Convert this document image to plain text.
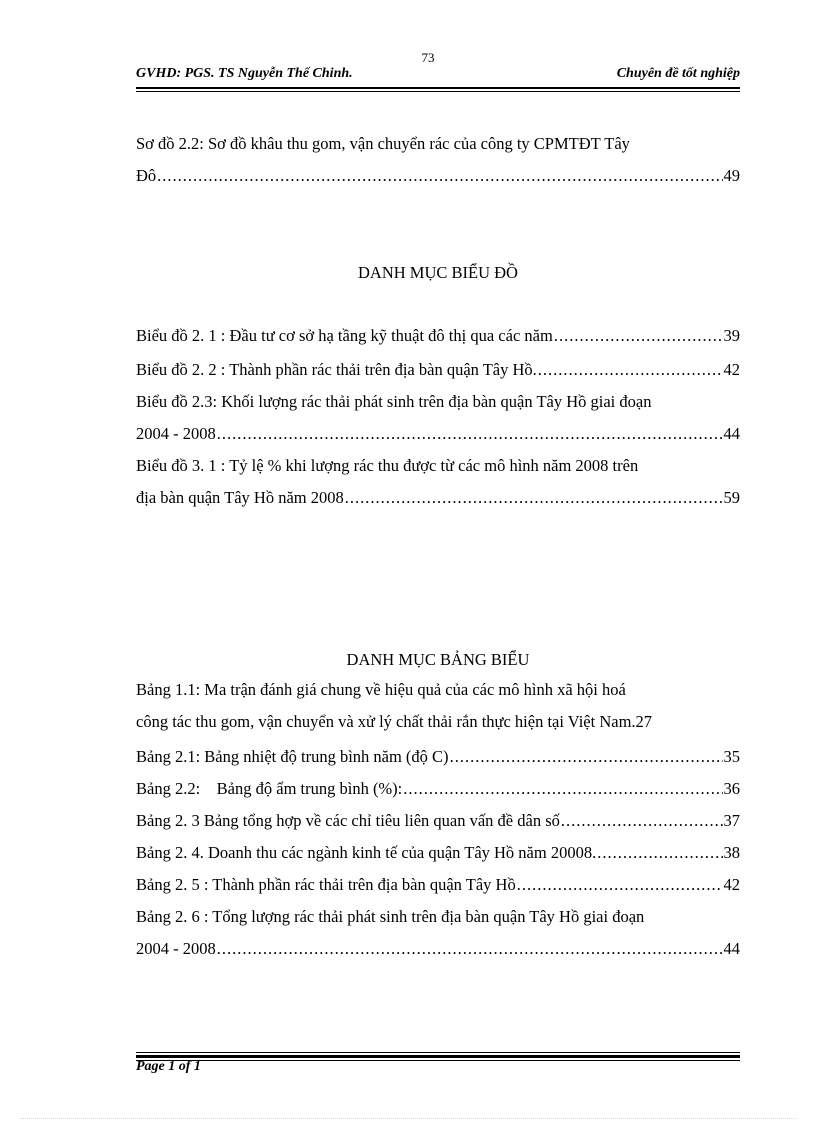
73
GVHD: PGS. TS Nguyễn Thế Chinh.	Chuyên đề tốt nghiệp
Sơ đồ 2.2: Sơ đồ khâu thu gom, vận chuyển rác của công ty CPMTĐT Tây
Đô .....	49
DANH MỤC BIỂU ĐỒ
Biểu đồ 2. 1 : Đầu tư cơ sở hạ tầng kỹ thuật đô thị qua các năm .....	39
Biểu đồ 2. 2 : Thành phần rác thải trên địa bàn quận Tây Hồ. .....	42
Biểu đồ 2.3: Khối lượng rác thải phát sinh trên địa bàn quận Tây Hồ giai đoạn
2004 - 2008 .....	44
Biểu đồ 3. 1 : Tỷ lệ % khi lượng rác thu được từ các mô hình năm 2008 trên
địa bàn quận Tây Hồ năm 2008 .....	59
DANH MỤC BẢNG BIỂU
Bảng 1.1: Ma trận đánh giá chung về hiệu quả của các mô hình xã hội hoá
công tác thu gom, vận chuyển và xử lý chất thải rắn thực hiện tại Việt Nam. 27
Bảng 2.1: Bảng nhiệt độ trung bình năm (độ C) .....	35
Bảng 2.2:    Bảng độ ẩm trung bình (%): .....	36
Bảng 2. 3 Bảng tổng hợp về các chỉ tiêu liên quan vấn đề dân số .....	37
Bảng 2. 4. Doanh thu các ngành kinh tế của quận Tây Hồ năm 20008. .....	38
Bảng 2. 5 : Thành phần rác thải trên địa bàn quận Tây Hồ .....	42
Bảng 2. 6 : Tổng lượng rác thải phát sinh trên địa bàn quận Tây Hồ giai đoạn
2004 - 2008 .....	44
Page 1 of 1
